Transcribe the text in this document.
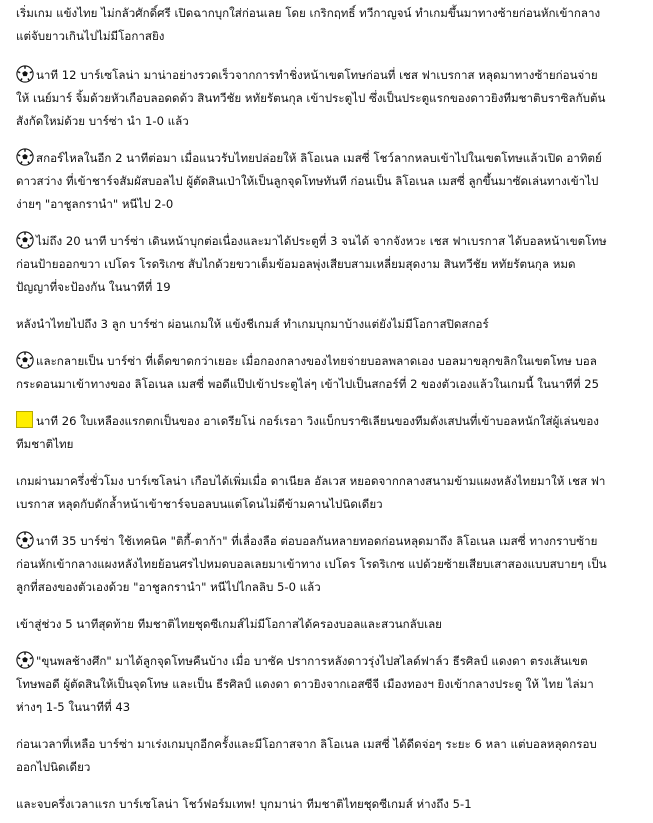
เริ่มเกม แข้งไทย ไม่กลัวศักดิ์ศรี เปิดฉากบุกใส่ก่อนเลย โดย เกริกฤทธิ์ ทวีกาญจน์ ทำเกมขึ้นมาทางซ้ายก่อนหักเข้ากลางแต่จับยาวเกินไปไม่มีโอกาสยิง

นาที 12 บาร์เซโลน่า มาน่าอย่างรวดเร็วจากการทำชิ่งหน้าเขตโทษก่อนที่ เชส ฟาเบรกาส หลุดมาทางซ้ายก่อนจ่ายให้ เนย์มาร์ จิ้มด้วยหัวเกือบลอดดด้ว สินทวีชัย หทัยรัตนกุล เข้าประตูไป ซึ่งเป็นประตูแรกของดาวยิงทีมชาติบราซิลกับต้นสังกัดใหม่ด้วย บาร์ซ่า นำ 1-0 แล้ว

สกอร์ไหลในอีก 2 นาทีต่อมา เมื่อแนวรับไทยปล่อยให้ ลิโอเนล เมสซี่ โชว์ลากหลบเข้าไปในเขตโทษแล้วเปิด อาทิตย์ ดาวสว่าง ที่เข้าชาร์จสัมผัสบอลไป ผู้ตัดสินเป่าให้เป็นลูกจุดโทษทันที ก่อนเป็น ลิโอเนล เมสซี่ ลูกขึ้นมาซัดเล่นทางเข้าไปง่ายๆ "อาชูลกรานำ" หนีไป 2-0

ไม่ถึง 20 นาที บาร์ซ่า เดินหน้าบุกต่อเนื่องและมาได้ประตูที่ 3 จนได้ จากจังหวะ เชส ฟาเบรกาส ได้บอลหน้าเขตโทษก่อนป้ายออกขวา เปโดร โรดริเกซ สับไกด้วยขวาเต็มข้อมอลพุ่งเสียบสามเหลี่ยมสุดงาม สินทวีชัย หทัยรัตนกุล หมดปัญญาที่จะป้องกัน ในนาทีที่ 19

หลังนำไทยไปถึง 3 ลูก บาร์ซ่า ผ่อนเกมให้ แข้งชีเกมส์ ทำเกมบุกมาบ้างแต่ยังไม่มีโอกาสปิดสกอร์

และกลายเป็น บาร์ซ่า ที่เด็ดขาดกว่าเยอะ เมื่อกองกลางของไทยจ่ายบอลพลาดเอง บอลมาขลุกขลิกในเขตโทษ บอลกระดอนมาเข้าทางของ ลิโอเนล เมสซี่ พอดีแป๊ปเข้าประตูไล่ๆ เข้าไปเป็นสกอร์ที่ 2 ของตัวเองแล้วในเกมนี้ ในนาทีที่ 25

นาที 26 ใบเหลืองแรกตกเป็นของ อาเดรียโน่ กอร์เรอา วิงแบ็กบราซิเลียนของทีมดังเสปนที่เข้าบอลหนักใส่ผู้เล่นของทีมชาติไทย

เกมผ่านมาครึ่งชั่วโมง บาร์เซโลน่า เกือบได้เพิ่มเมื่อ ดาเนียล อัลเวส หยอดจากกลางสนามข้ามแผงหลังไทยมาให้ เชส ฟาเบรกาส หลุดกับดักล้ำหน้าเข้าชาร์จบอลบนแต่โดนไม่ดีข้ามคานไปนิดเดียว

นาที 35 บาร์ซ่า ใช้เทคนิค "ติกี้-ตาก้า" ที่เลื่องลือ ต่อบอลกันหลายทอดก่อนหลุดมาถึง ลิโอเนล เมสซี่ ทางกราบซ้ายก่อนหักเข้ากลางแผงหลังไทยย้อนศรไปหมดบอลเลยมาเข้าทาง เปโดร โรดริเกซ แปด้วยซ้ายเสียบเสาสองแบบสบายๆ เป็นลูกที่สองของตัวเองด้วย "อาชูลกรานำ" หนีไปไกลลิบ 5-0 แล้ว

เข้าสู่ช่วง 5 นาทีสุดท้าย ทีมชาติไทยชุดซีเกมส์ไม่มีโอกาสได้ครองบอลและสวนกลับเลย

"ขุนพลช้างศึก" มาได้ลูกจุดโทษคืนบ้าง เมื่อ บาซัค ปราการหลังดาวรุ่งไปสไลด์ฟาล์ว ธีรศิลป์ แดงดา ตรงเส้นเขตโทษพอดี ผู้ตัดสินให้เป็นจุดโทษ และเป็น ธีรศิลป์ แดงดา ดาวยิงจากเอสซีจี เมืองทองฯ ยิงเข้ากลางประตู ให้ ไทย ไล่มาห่างๆ 1-5 ในนาทีที่ 43

ก่อนเวลาที่เหลือ บาร์ซ่า มาเร่งเกมบุกอีกครั้งและมีโอกาสจาก ลิโอเนล เมสซี่ ได้ดีดจ่อๆ ระยะ 6 หลา แต่บอลหลุดกรอบออกไปนิดเดียว

และจบครึ่งเวลาแรก บาร์เซโลน่า โชว์ฟอร์มเทพ! บุกมาน่า ทีมชาติไทยชุดซีเกมส์ ห่างถึง 5-1
